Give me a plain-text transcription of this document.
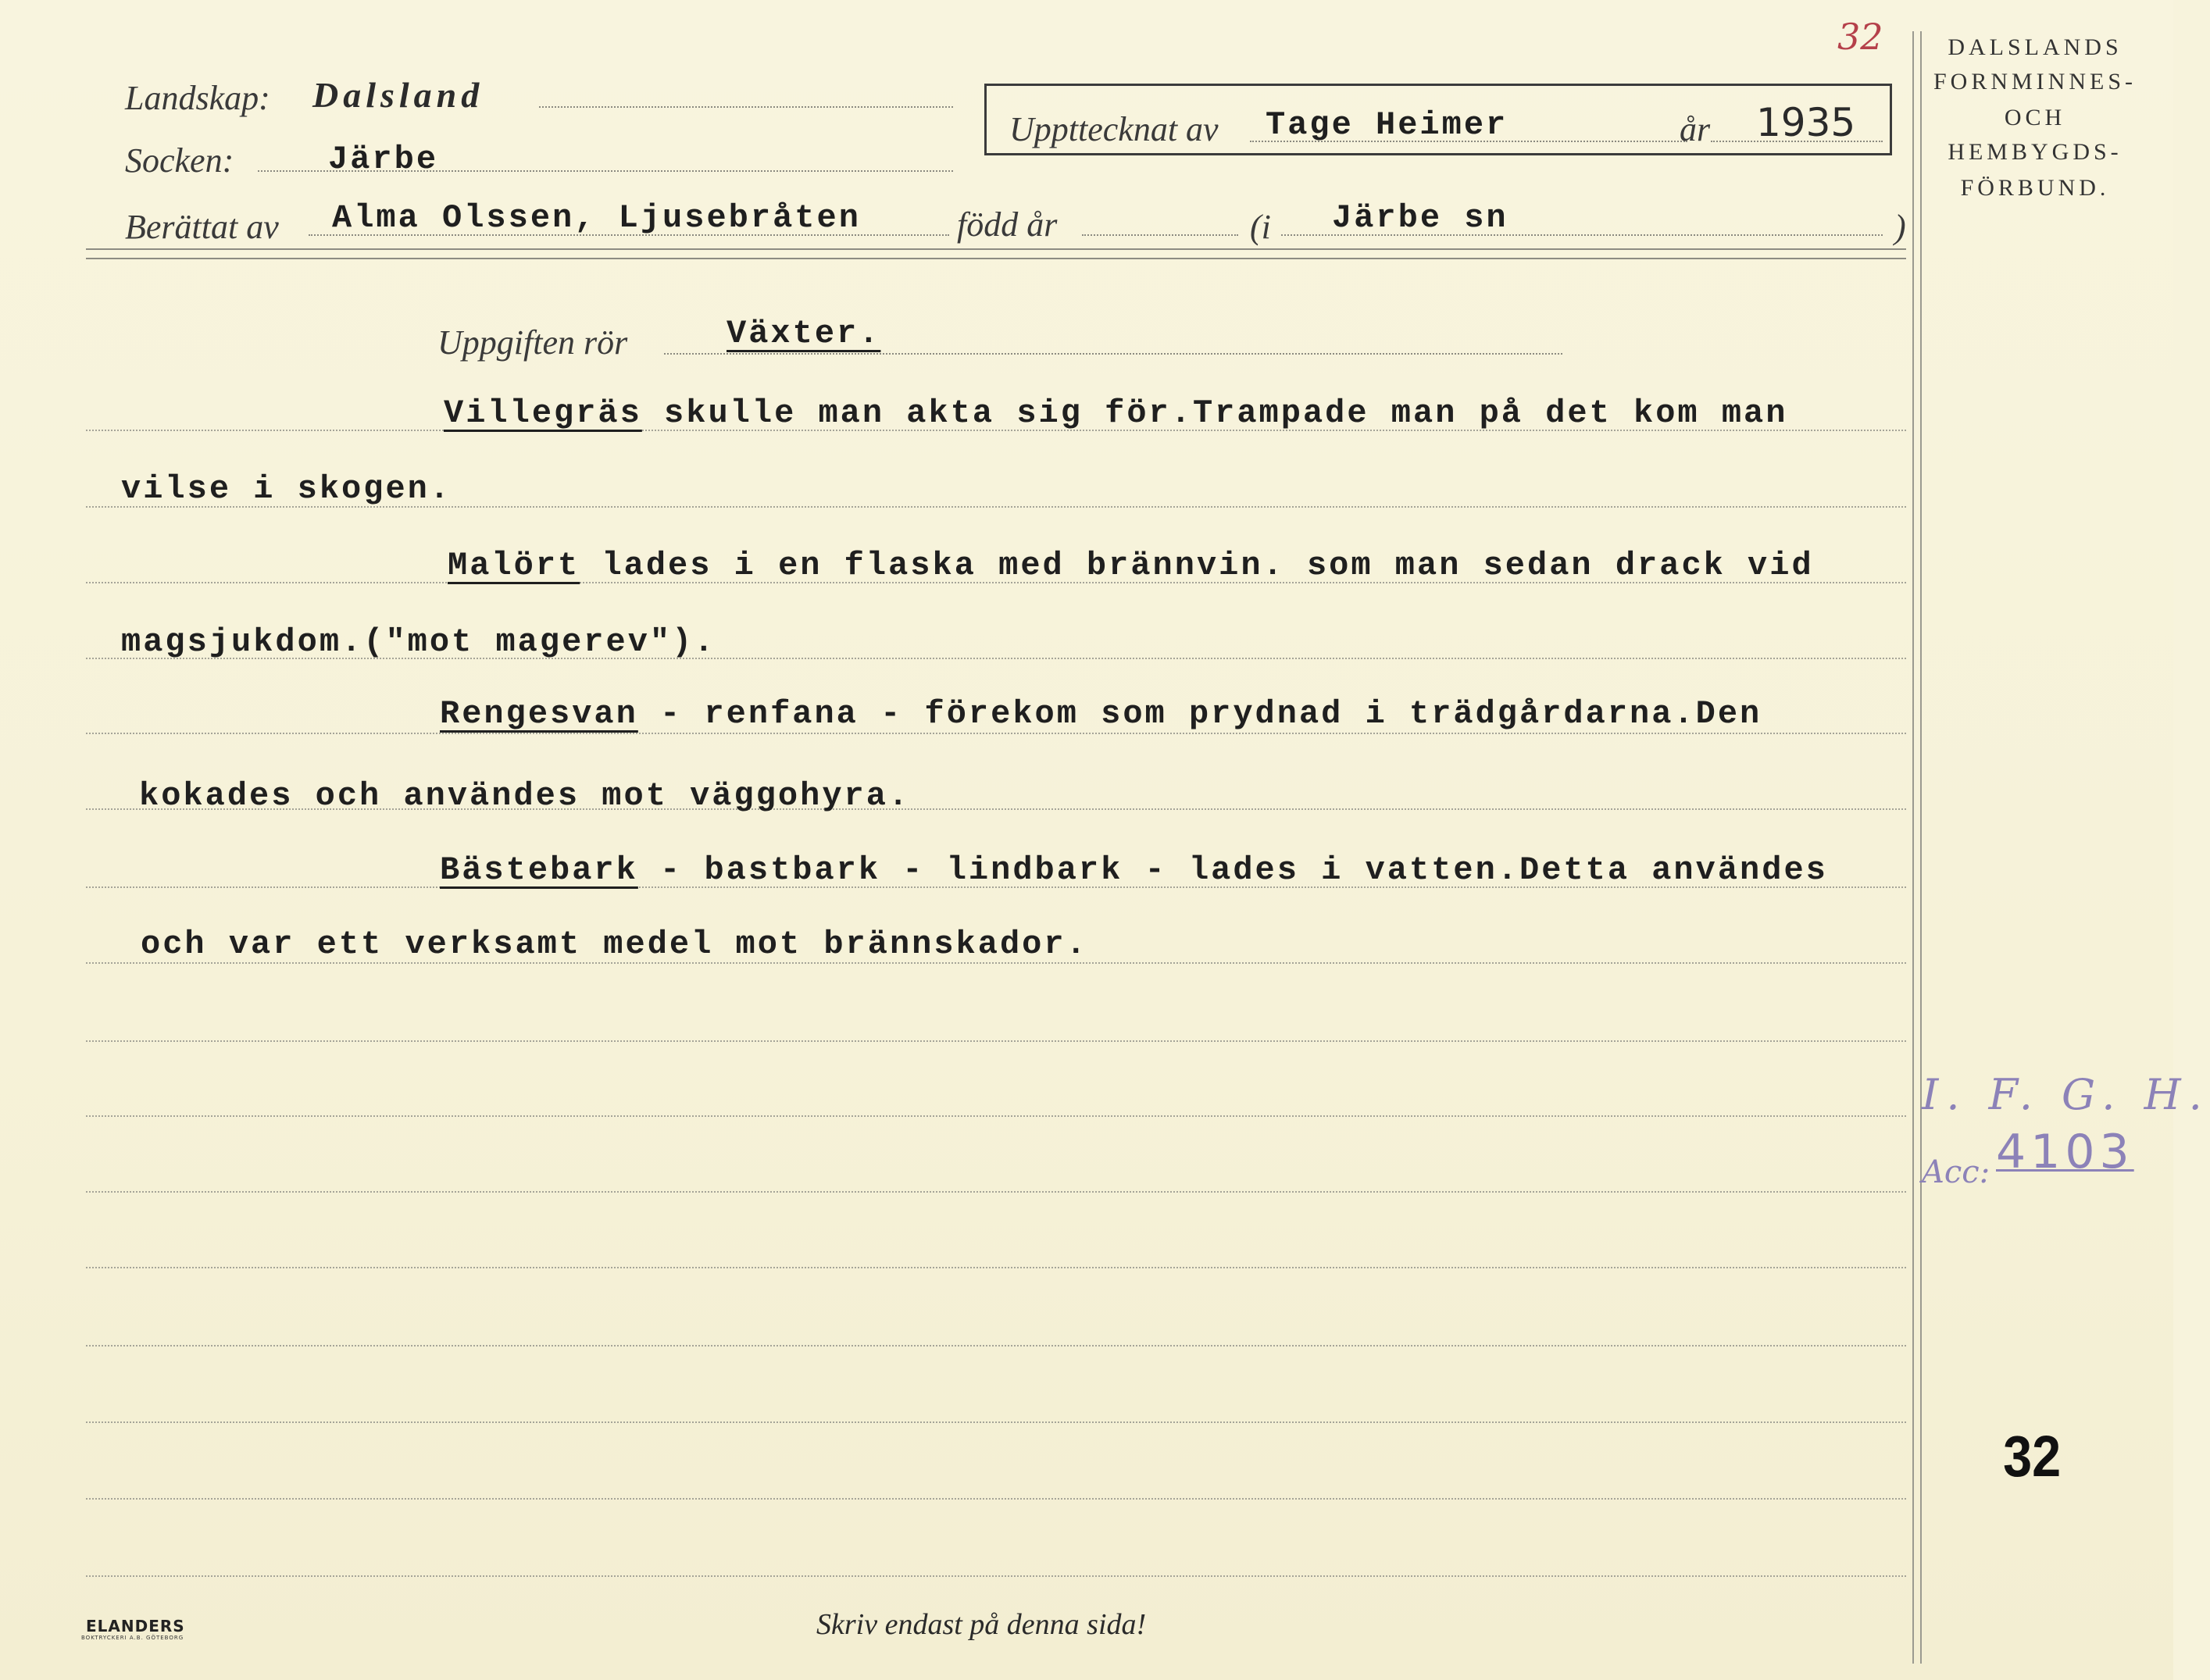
32	DALSLANDS
FORNMINNES-
OCH
HEMBYGDS-
FÖRBUND.
Landskap: Dalsland
Socken:	Järbe
Uppttecknat av Tage Heimer	år 1935
Berättat av Alma Olssen, Ljusebråten	född år	(i Järbe sn	)
Uppgiften rör	Växter.
Villegräs skulle man akta sig för.Trampade man på det kom man
vilse i skogen.
Malört lades i en flaska med brännvin. som man sedan drack vid
magsjukdom.("mot magerev").
Rengesvan - renfana - förekom som prydnad i trädgårdarna.Den
kokades och användes mot väggohyra.
Bästebark - bastbark - lindbark - lades i vatten.Detta användes
och var ett verksamt medel mot brännskador.
I. F. G. H.
Acc: 4103
32
ELANDERS
BOKTRYCKERI A.B. GÖTEBORG	Skriv endast på denna sida!
